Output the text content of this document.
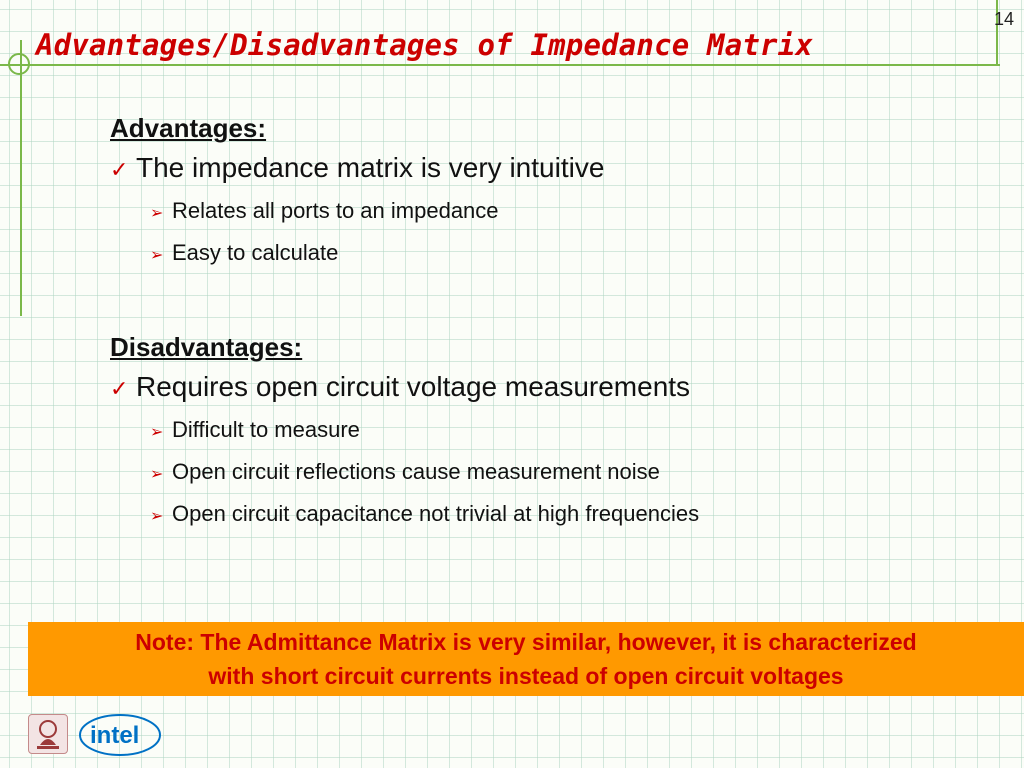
14
Advantages/Disadvantages of Impedance Matrix

Advantages:

✓ The impedance matrix is very intuitive

➢ Relates all ports to an impedance

➢ Easy to calculate

Disadvantages:

✓ Requires open circuit voltage measurements

➢ Difficult to measure

➢ Open circuit reflections cause measurement noise

➢ Open circuit capacitance not trivial at high frequencies

Note: The Admittance Matrix is very similar, however, it is characterized
with short circuit currents instead of open circuit voltages
intel
